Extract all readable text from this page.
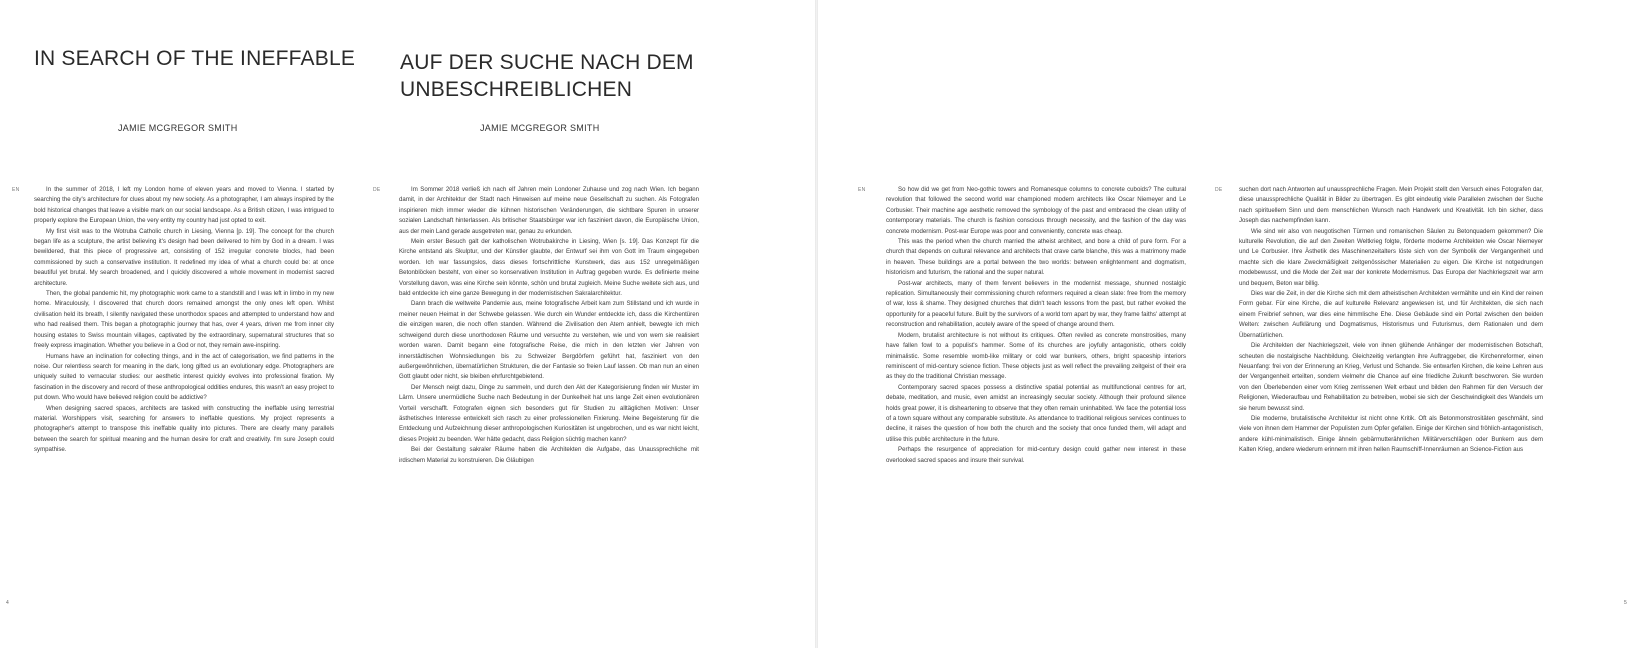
IN SEARCH OF THE INEFFABLE	AUF DER SUCHE NACH DEM UNBESCHREIBLICHEN
JAMIE MCGREGOR SMITH	JAMIE MCGREGOR SMITH
EN	In the summer of 2018, I left my London home of eleven years and moved to Vienna. I started by searching the city's architecture for clues about my new society. As a photographer, I am always inspired by the bold historical changes that leave a visible mark on our social landscape. As a British citizen, I was intrigued to properly explore the European Union, the very entity my country had just opted to exit.

My first visit was to the Wotruba Catholic church in Liesing, Vienna [p. 19]. The concept for the church began life as a sculpture, the artist believing it's design had been delivered to him by God in a dream. I was bewildered, that this piece of progressive art, consisting of 152 irregular concrete blocks, had been commissioned by such a conservative institution. It redefined my idea of what a church could be: at once beautiful yet brutal. My search broadened, and I quickly discovered a whole movement in modernist sacred architecture.

Then, the global pandemic hit, my photographic work came to a standstill and I was left in limbo in my new home. Miraculously, I discovered that church doors remained amongst the only ones left open. Whilst civilisation held its breath, I silently navigated these unorthodox spaces and attempted to understand how and who had realised them. This began a photographic journey that has, over 4 years, driven me from inner city housing estates to Swiss mountain villages, captivated by the extraordinary, supernatural structures that so freely express imagination. Whether you believe in a God or not, they remain awe-inspiring.

Humans have an inclination for collecting things, and in the act of categorisation, we find patterns in the noise. Our relentless search for meaning in the dark, long gifted us an evolutionary edge. Photographers are uniquely suited to vernacular studies: our aesthetic interest quickly evolves into professional fixation. My fascination in the discovery and record of these anthropological oddities endures, this wasn't an easy project to put down. Who would have believed religion could be addictive?

When designing sacred spaces, architects are tasked with constructing the ineffable using terrestrial material. Worshippers visit, searching for answers to ineffable questions. My project represents a photographer's attempt to transpose this ineffable quality into pictures. There are clearly many parallels between the search for spiritual meaning and the human desire for craft and creativity. I'm sure Joseph could sympathise.

DE	Im Sommer 2018 verließ ich nach elf Jahren mein Londoner Zuhause und zog nach Wien. Ich begann damit, in der Architektur der Stadt nach Hinweisen auf meine neue Gesellschaft zu suchen. Als Fotografen inspirieren mich immer wieder die kühnen historischen Veränderungen, die sichtbare Spuren in unserer sozialen Landschaft hinterlassen. Als britischer Staatsbürger war ich fasziniert davon, die Europäische Union, aus der mein Land gerade ausgetreten war, genau zu erkunden.

Mein erster Besuch galt der katholischen Wotrubakirche in Liesing, Wien [s. 19]. Das Konzept für die Kirche entstand als Skulptur, und der Künstler glaubte, der Entwurf sei ihm von Gott im Traum eingegeben worden. Ich war fassungslos, dass dieses fortschrittliche Kunstwerk, das aus 152 unregelmäßigen Betonblöcken besteht, von einer so konservativen Institution in Auftrag gegeben wurde. Es definierte meine Vorstellung davon, was eine Kirche sein könnte, schön und brutal zugleich. Meine Suche weitete sich aus, und bald entdeckte ich eine ganze Bewegung in der modernistischen Sakralarchitektur.

Dann brach die weltweite Pandemie aus, meine fotografische Arbeit kam zum Stillstand und ich wurde in meiner neuen Heimat in der Schwebe gelassen. Wie durch ein Wunder entdeckte ich, dass die Kirchentüren die einzigen waren, die noch offen standen. Während die Zivilisation den Atem anhielt, bewegte ich mich schweigend durch diese unorthodoxen Räume und versuchte zu verstehen, wie und von wem sie realisiert worden waren. Damit begann eine fotografische Reise, die mich in den letzten vier Jahren von innerstädtischen Wohnsiedlungen bis zu Schweizer Bergdörfern geführt hat, fasziniert von den außergewöhnlichen, übernatürlichen Strukturen, die der Fantasie so freien Lauf lassen. Ob man nun an einen Gott glaubt oder nicht, sie bleiben ehrfurchtgebietend.

Der Mensch neigt dazu, Dinge zu sammeln, und durch den Akt der Kategorisierung finden wir Muster im Lärm. Unsere unermüdliche Suche nach Bedeutung in der Dunkelheit hat uns lange Zeit einen evolutionären Vorteil verschafft. Fotografen eignen sich besonders gut für Studien zu alltäglichen Motiven: Unser ästhetisches Interesse entwickelt sich rasch zu einer professionellen Fixierung. Meine Begeisterung für die Entdeckung und Aufzeichnung dieser anthropologischen Kuriositäten ist ungebrochen, und es war nicht leicht, dieses Projekt zu beenden. Wer hätte gedacht, dass Religion süchtig machen kann?

Bei der Gestaltung sakraler Räume haben die Architekten die Aufgabe, das Unaussprechliche mit irdischem Material zu konstruieren. Die Gläubigen

4
EN	So how did we get from Neo-gothic towers and Romanesque columns to concrete cuboids? The cultural revolution that followed the second world war championed modern architects like Oscar Niemeyer and Le Corbusier. Their machine age aesthetic removed the symbology of the past and embraced the clean utility of contemporary materials. The church is fashion conscious through necessity, and the fashion of the day was concrete modernism. Post-war Europe was poor and conveniently, concrete was cheap.

This was the period when the church married the atheist architect, and bore a child of pure form. For a church that depends on cultural relevance and architects that crave carte blanche, this was a matrimony made in heaven. These buildings are a portal between the two worlds: between enlightenment and dogmatism, historicism and futurism, the rational and the super natural.

Post-war architects, many of them fervent believers in the modernist message, shunned nostalgic replication. Simultaneously their commissioning church reformers required a clean slate: free from the memory of war, loss & shame. They designed churches that didn't teach lessons from the past, but rather evoked the opportunity for a peaceful future. Built by the survivors of a world torn apart by war, they frame faiths' attempt at reconstruction and rehabilitation, acutely aware of the speed of change around them.

Modern, brutalist architecture is not without its critiques. Often reviled as concrete monstrosities, many have fallen fowl to a populist's hammer. Some of its churches are joyfully antagonistic, others coldly minimalistic. Some resemble womb-like military or cold war bunkers, others, bright spaceship interiors reminiscent of mid-century science fiction. These objects just as well reflect the prevailing zeitgeist of their era as they do the traditional Christian message.

Contemporary sacred spaces possess a distinctive spatial potential as multifunctional centres for art, debate, meditation, and music, even amidst an increasingly secular society. Although their profound silence holds great power, it is disheartening to observe that they often remain uninhabited. We face the potential loss of a town square without any comparable substitute. As attendance to traditional religious services continues to decline, it raises the question of how both the church and the society that once funded them, will adapt and utilise this public architecture in the future.

Perhaps the resurgence of appreciation for mid-century design could gather new interest in these overlooked sacred spaces and insure their survival.

DE	suchen dort nach Antworten auf unaussprechliche Fragen. Mein Projekt stellt den Versuch eines Fotografen dar, diese unaussprechliche Qualität in Bilder zu übertragen. Es gibt eindeutig viele Parallelen zwischen der Suche nach spirituellem Sinn und dem menschlichen Wunsch nach Handwerk und Kreativität. Ich bin sicher, dass Joseph das nachempfinden kann.

Wie sind wir also von neugotischen Türmen und romanischen Säulen zu Betonquadern gekommen? Die kulturelle Revolution, die auf den Zweiten Weltkrieg folgte, förderte moderne Architekten wie Oscar Niemeyer und Le Corbusier. Ihre Ästhetik des Maschinenzeitalters löste sich von der Symbolik der Vergangenheit und machte sich die klare Zweckmäßigkeit zeitgenössischer Materialien zu eigen. Die Kirche ist notgedrungen modebewusst, und die Mode der Zeit war der konkrete Modernismus. Das Europa der Nachkriegszeit war arm und bequem, Beton war billig.

Dies war die Zeit, in der die Kirche sich mit dem atheistischen Architekten vermählte und ein Kind der reinen Form gebar. Für eine Kirche, die auf kulturelle Relevanz angewiesen ist, und für Architekten, die sich nach einem Freibrief sehnen, war dies eine himmlische Ehe. Diese Gebäude sind ein Portal zwischen den beiden Welten: zwischen Aufklärung und Dogmatismus, Historismus und Futurismus, dem Rationalen und dem Übernatürlichen.

Die Architekten der Nachkriegszeit, viele von ihnen glühende Anhänger der modernistischen Botschaft, scheuten die nostalgische Nachbildung. Gleichzeitig verlangten ihre Auftraggeber, die Kirchenreformer, einen Neuanfang: frei von der Erinnerung an Krieg, Verlust und Schande. Sie entwarfen Kirchen, die keine Lehren aus der Vergangenheit erteilten, sondern vielmehr die Chance auf eine friedliche Zukunft beschworen. Sie wurden von den Überlebenden einer vom Krieg zerrissenen Welt erbaut und bilden den Rahmen für den Versuch der Religionen, Wiederaufbau und Rehabilitation zu betreiben, wobei sie sich der Geschwindigkeit des Wandels um sie herum bewusst sind.

Die moderne, brutalistische Architektur ist nicht ohne Kritik. Oft als Betonmonstrositäten geschmäht, sind viele von ihnen dem Hammer der Populisten zum Opfer gefallen. Einige der Kirchen sind fröhlich-antagonistisch, andere kühl-minimalistisch. Einige ähneln gebärmutterähnlichen Militärverschlägen oder Bunkern aus dem Kalten Krieg, andere wiederum erinnern mit ihren hellen Raumschiff-Innenräumen an Science-Fiction aus

5
